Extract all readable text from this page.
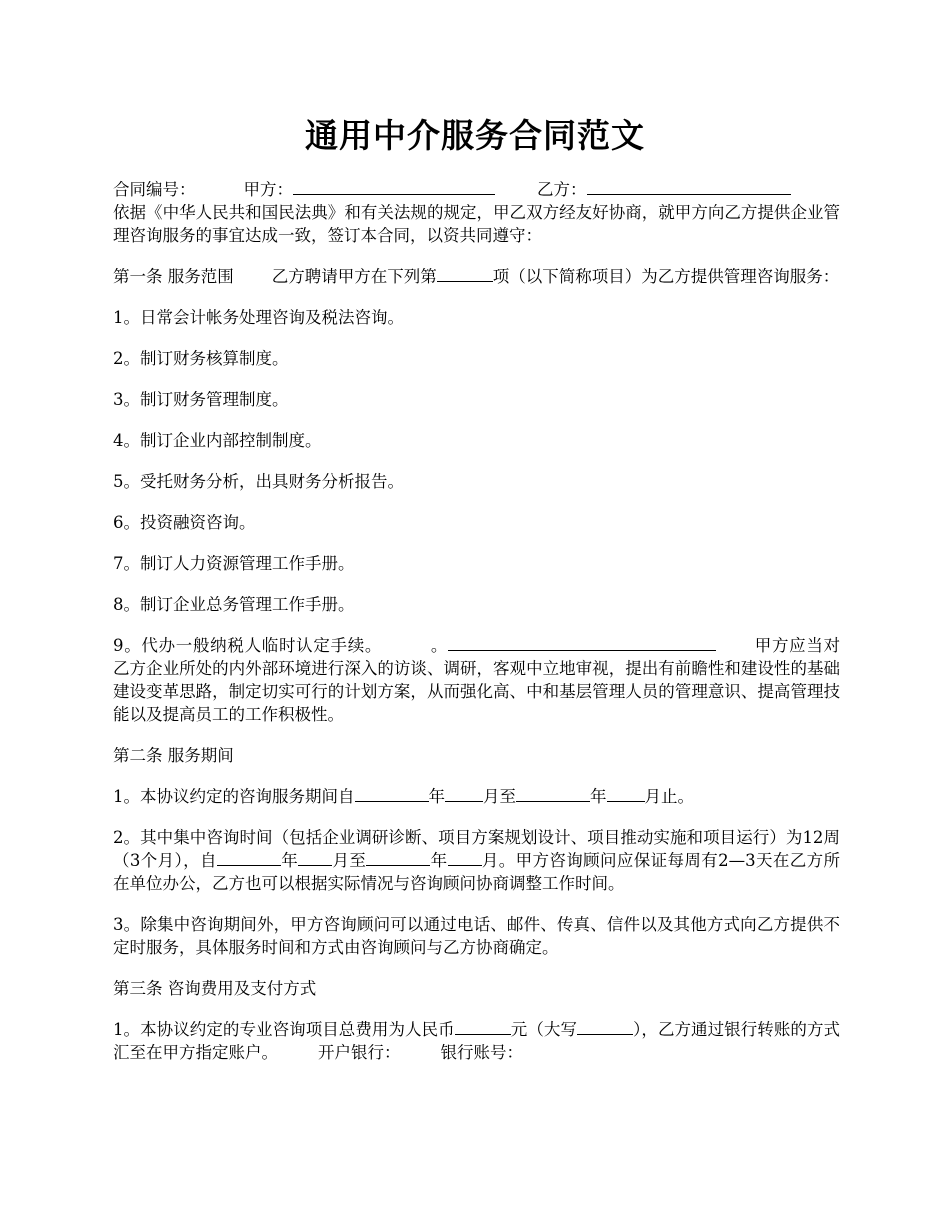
通用中介服务合同范文

合同编号：	甲方：	乙方：

依据《中华人民共和国民法典》和有关法规的规定，甲乙双方经友好协商，就甲方向乙方提供企业管理咨询服务的事宜达成一致，签订本合同，以资共同遵守：

第一条 服务范围 乙方聘请甲方在下列第	项（以下简称项目）为乙方提供管理咨询服务：

1。日常会计帐务处理咨询及税法咨询。

2。制订财务核算制度。

3。制订财务管理制度。

4。制订企业内部控制制度。

5。受托财务分析，出具财务分析报告。

6。投资融资咨询。

7。制订人力资源管理工作手册。

8。制订企业总务管理工作手册。

9。代办一般纳税人临时认定手续。	。	甲方应当对乙方企业所处的内外部环境进行深入的访谈、调研，客观中立地审视，提出有前瞻性和建设性的基础建设变革思路，制定切实可行的计划方案，从而强化高、中和基层管理人员的管理意识、提高管理技能以及提高员工的工作积极性。

第二条 服务期间

1。本协议约定的咨询服务期间自	年 月至	年 月止。

2。其中集中咨询时间（包括企业调研诊断、项目方案规划设计、项目推动实施和项目运行）为12周（3个月），自	年 月至	年 月。甲方咨询顾问应保证每周有2—3天在乙方所在单位办公，乙方也可以根据实际情况与咨询顾问协商调整工作时间。

3。除集中咨询期间外，甲方咨询顾问可以通过电话、邮件、传真、信件以及其他方式向乙方提供不定时服务，具体服务时间和方式由咨询顾问与乙方协商确定。

第三条 咨询费用及支付方式

1。本协议约定的专业咨询项目总费用为人民币	元（大写	），乙方通过银行转账的方式汇至在甲方指定账户。 开户银行： 银行账号：
